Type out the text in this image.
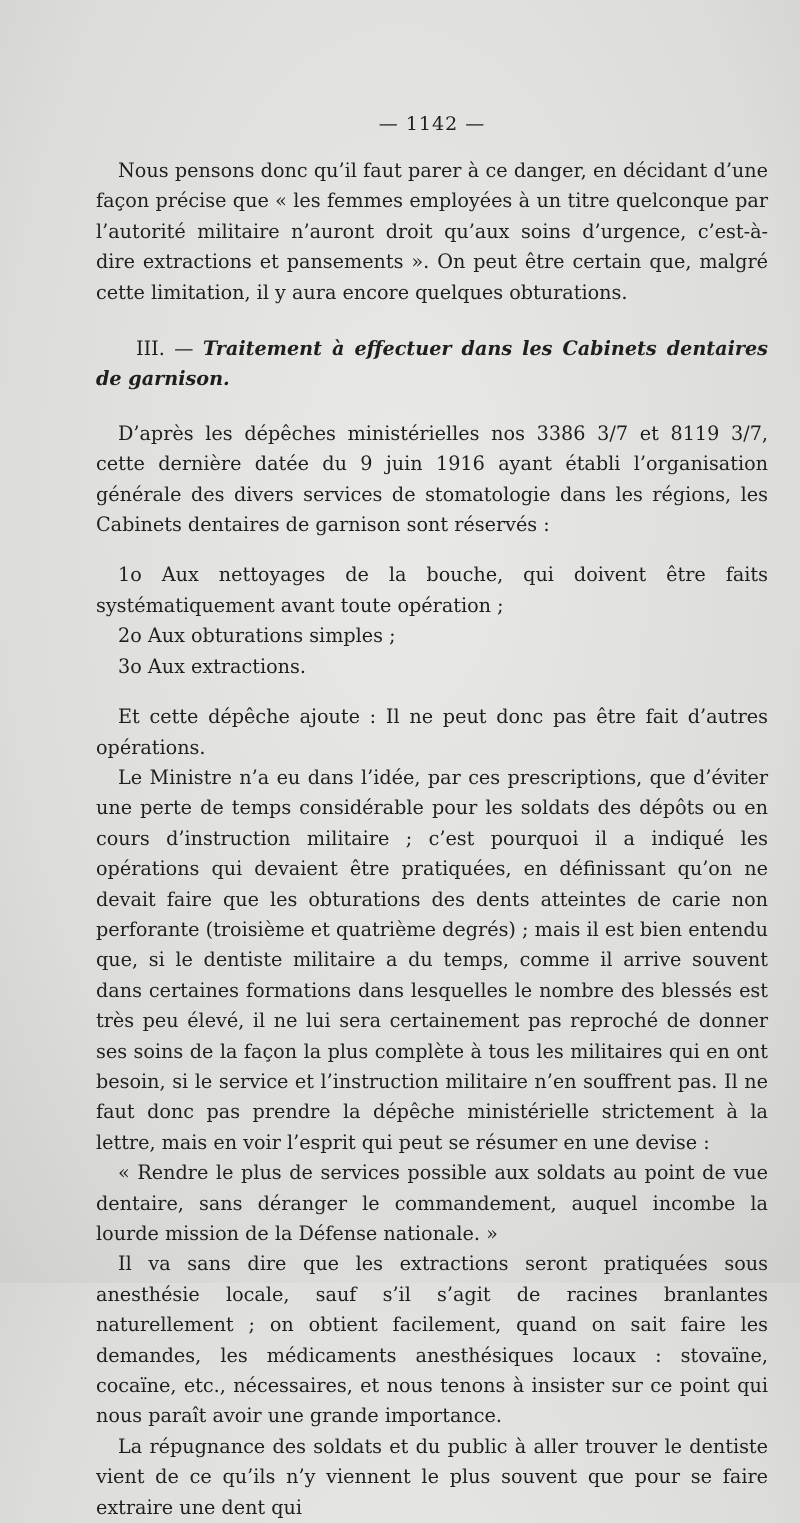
— 1142 —

Nous pensons donc qu’il faut parer à ce danger, en décidant d’une façon précise que « les femmes employées à un titre quelconque par l’autorité militaire n’auront droit qu’aux soins d’urgence, c’est-à-dire extractions et pansements ». On peut être certain que, malgré cette limitation, il y aura encore quelques obturations.

III. — Traitement à effectuer dans les Cabinets dentaires de garnison.

D’après les dépêches ministérielles nos 3386 3/7 et 8119 3/7, cette dernière datée du 9 juin 1916 ayant établi l’organisation générale des divers services de stomatologie dans les régions, les Cabinets dentaires de garnison sont réservés :

1o Aux nettoyages de la bouche, qui doivent être faits systématiquement avant toute opération ;

2o Aux obturations simples ;

3o Aux extractions.

Et cette dépêche ajoute : Il ne peut donc pas être fait d’autres opérations.

Le Ministre n’a eu dans l’idée, par ces prescriptions, que d’éviter une perte de temps considérable pour les soldats des dépôts ou en cours d’instruction militaire ; c’est pourquoi il a indiqué les opérations qui devaient être pratiquées, en définissant qu’on ne devait faire que les obturations des dents atteintes de carie non perforante (troisième et quatrième degrés) ; mais il est bien entendu que, si le dentiste militaire a du temps, comme il arrive souvent dans certaines formations dans lesquelles le nombre des blessés est très peu élevé, il ne lui sera certainement pas reproché de donner ses soins de la façon la plus complète à tous les militaires qui en ont besoin, si le service et l’instruction militaire n’en souffrent pas. Il ne faut donc pas prendre la dépêche ministérielle strictement à la lettre, mais en voir l’esprit qui peut se résumer en une devise :

« Rendre le plus de services possible aux soldats au point de vue dentaire, sans déranger le commandement, auquel incombe la lourde mission de la Défense nationale. »

Il va sans dire que les extractions seront pratiquées sous anesthésie locale, sauf s’il s’agit de racines branlantes naturellement ; on obtient facilement, quand on sait faire les demandes, les médicaments anesthésiques locaux : stovaïne, cocaïne, etc., nécessaires, et nous tenons à insister sur ce point qui nous paraît avoir une grande importance.

La répugnance des soldats et du public à aller trouver le dentiste vient de ce qu’ils n’y viennent le plus souvent que pour se faire extraire une dent qui
